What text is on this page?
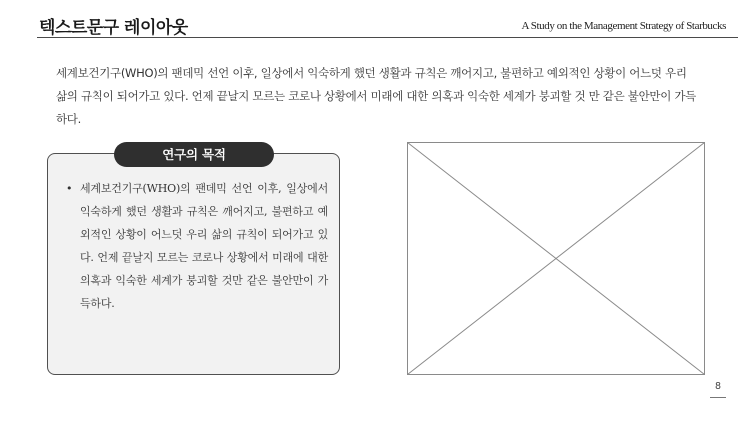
텍스트문구 레이아웃	A Study on the Management Strategy of Starbucks

세계보건기구(WHO)의 팬데믹 선언 이후, 일상에서 익숙하게 했던 생활과 규칙은 깨어지고, 불편하고 예외적인 상황이 어느덧 우리 삶의 규칙이 되어가고 있다. 언제 끝날지 모르는 코로나 상황에서 미래에 대한 의혹과 익숙한 세계가 붕괴할 것 만 같은 불안만이 가득하다.

연구의 목적
• 세계보건기구(WHO)의 팬데믹 선언 이후, 일상에서 익숙하게 했던 생활과 규칙은 깨어지고, 불편하고 예외적인 상황이 어느덧 우리 삶의 규칙이 되어가고 있다. 언제 끝날지 모르는 코로나 상황에서 미래에 대한 의혹과 익숙한 세계가 붕괴할 것만 같은 불안만이 가득하다.
8
